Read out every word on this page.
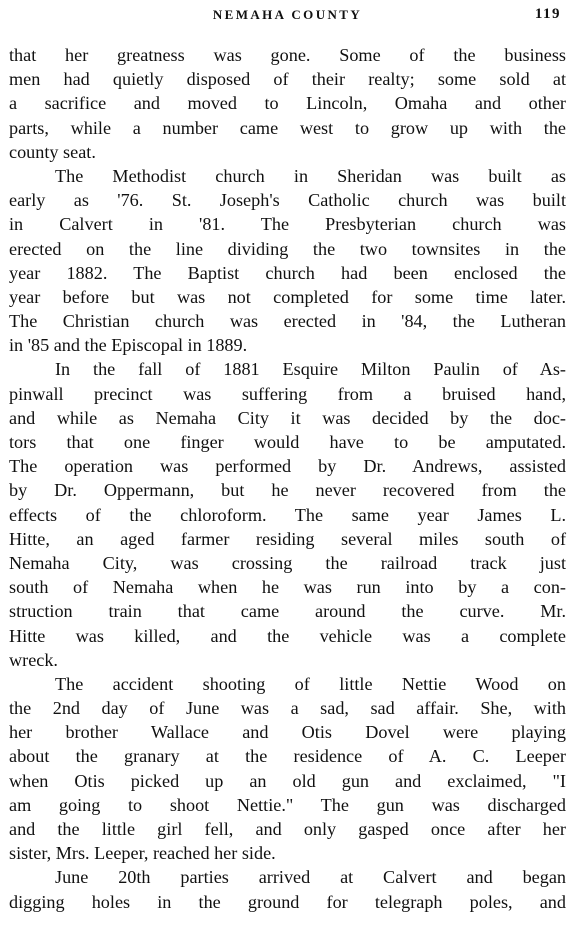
NEMAHA COUNTY	119
that her greatness was gone. Some of the business
men had quietly disposed of their realty; some sold at
a sacrifice and moved to Lincoln, Omaha and other
parts, while a number came west to grow up with the
county seat.
The Methodist church in Sheridan was built as
early as '76. St. Joseph's Catholic church was built
in Calvert in '81. The Presbyterian church was
erected on the line dividing the two townsites in the
year 1882. The Baptist church had been enclosed the
year before but was not completed for some time later.
The Christian church was erected in '84, the Lutheran
in '85 and the Episcopal in 1889.
In the fall of 1881 Esquire Milton Paulin of As-
pinwall precinct was suffering from a bruised hand,
and while as Nemaha City it was decided by the doc-
tors that one finger would have to be amputated.
The operation was performed by Dr. Andrews, assisted
by Dr. Oppermann, but he never recovered from the
effects of the chloroform. The same year James L.
Hitte, an aged farmer residing several miles south of
Nemaha City, was crossing the railroad track just
south of Nemaha when he was run into by a con-
struction train that came around the curve. Mr.
Hitte was killed, and the vehicle was a complete
wreck.
The accident shooting of little Nettie Wood on
the 2nd day of June was a sad, sad affair. She, with
her brother Wallace and Otis Dovel were playing
about the granary at the residence of A. C. Leeper
when Otis picked up an old gun and exclaimed, "I
am going to shoot Nettie." The gun was discharged
and the little girl fell, and only gasped once after her
sister, Mrs. Leeper, reached her side.
June 20th parties arrived at Calvert and began
digging holes in the ground for telegraph poles, and
